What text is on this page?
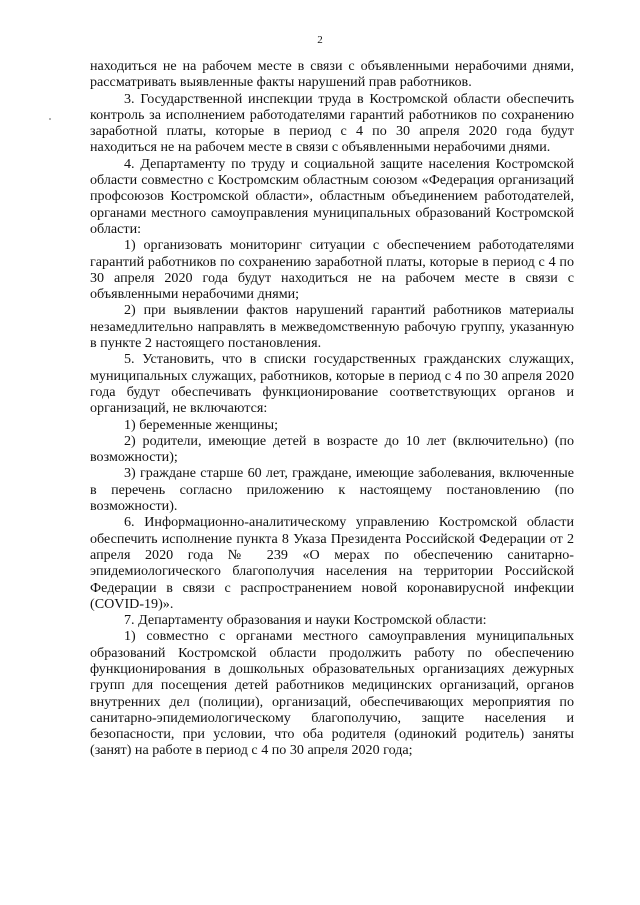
2

находиться не на рабочем месте в связи с объявленными нерабочими днями, рассматривать выявленные факты нарушений прав работников.

3. Государственной инспекции труда в Костромской области обеспечить контроль за исполнением работодателями гарантий работников по сохранению заработной платы, которые в период с 4 по 30 апреля 2020 года будут находиться не на рабочем месте в связи с объявленными нерабочими днями.

4. Департаменту по труду и социальной защите населения Костромской области совместно с Костромским областным союзом «Федерация организаций профсоюзов Костромской области», областным объединением работодателей, органами местного самоуправления муниципальных образований Костромской области:

1) организовать мониторинг ситуации с обеспечением работодателями гарантий работников по сохранению заработной платы, которые в период с 4 по 30 апреля 2020 года будут находиться не на рабочем месте в связи с объявленными нерабочими днями;

2) при выявлении фактов нарушений гарантий работников материалы незамедлительно направлять в межведомственную рабочую группу, указанную в пункте 2 настоящего постановления.

5. Установить, что в списки государственных гражданских служащих, муниципальных служащих, работников, которые в период с 4 по 30 апреля 2020 года будут обеспечивать функционирование соответствующих органов и организаций, не включаются:

1) беременные женщины;

2) родители, имеющие детей в возрасте до 10 лет (включительно) (по возможности);

3) граждане старше 60 лет, граждане, имеющие заболевания, включенные в перечень согласно приложению к настоящему постановлению (по возможности).

6. Информационно-аналитическому управлению Костромской области обеспечить исполнение пункта 8 Указа Президента Российской Федерации от 2 апреля 2020 года № 239 «О мерах по обеспечению санитарно-эпидемиологического благополучия населения на территории Российской Федерации в связи с распространением новой коронавирусной инфекции (COVID-19)».

7. Департаменту образования и науки Костромской области:

1) совместно с органами местного самоуправления муниципальных образований Костромской области продолжить работу по обеспечению функционирования в дошкольных образовательных организациях дежурных групп для посещения детей работников медицинских организаций, органов внутренних дел (полиции), организаций, обеспечивающих мероприятия по санитарно-эпидемиологическому благополучию, защите населения и безопасности, при условии, что оба родителя (одинокий родитель) заняты (занят) на работе в период с 4 по 30 апреля 2020 года;
